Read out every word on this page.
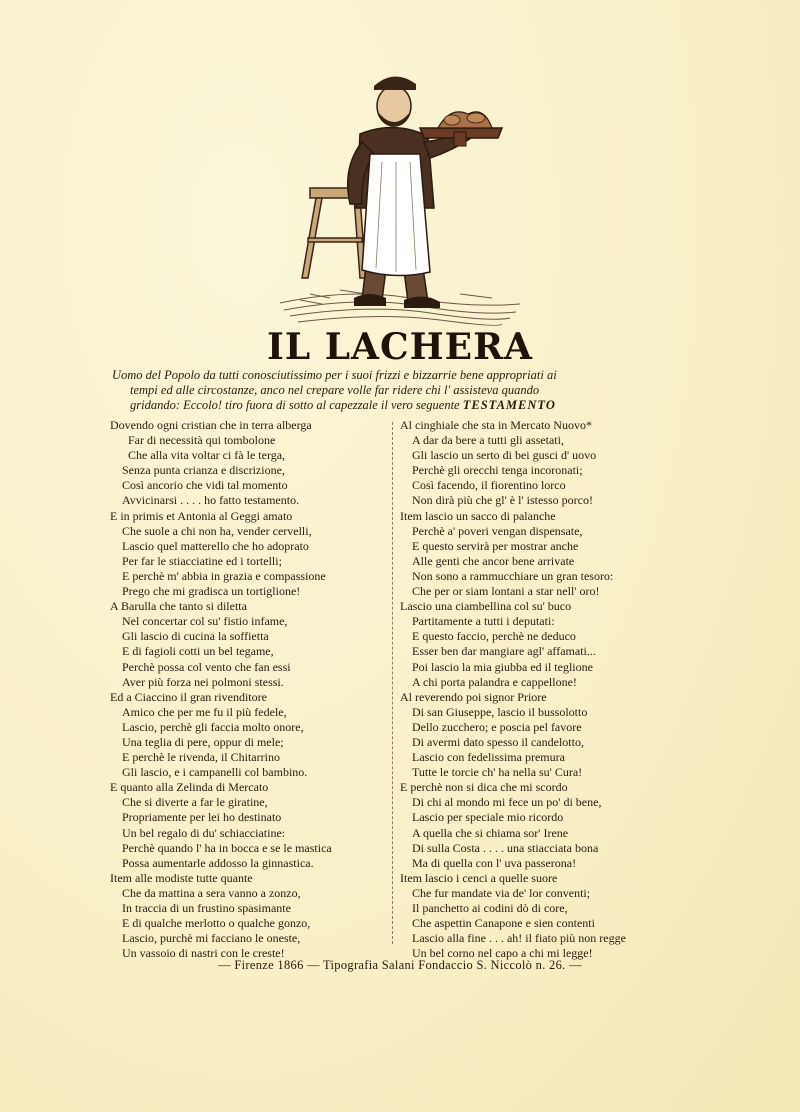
IL LACHERA
Uomo del Popolo da tutti conosciutissimo per i suoi frizzi e bizzarrie bene appropriati ai
tempi ed alle circostanze, anco nel crepare volle far ridere chi l' assisteva quando
gridando: Eccolo! tiro fuora di sotto al capezzale il vero seguente TESTAMENTO
Dovendo ogni cristian che in terra alberga
Far di necessità qui tombolone
Che alla vita voltar ci fà le terga,
Senza punta crianza e discrizione,
Così ancorio che vidi tal momento
Avvicinarsi . . . . ho fatto testamento.
E in primis et Antonia al Geggi amato
Che suole a chi non ha, vender cervelli,
Lascio quel matterello che ho adoprato
Per far le stiacciatine ed i tortelli;
E perchè m' abbia in grazia e compassione
Prego che mi gradisca un tortiglione!
A Barulla che tanto si diletta
Nel concertar col su' fistio infame,
Gli lascio di cucina la soffietta
E di fagioli cotti un bel tegame,
Perchè possa col vento che fan essi
Aver più forza nei polmoni stessi.
Ed a Ciaccino il gran rivenditore
Amico che per me fu il più fedele,
Lascio, perchè gli faccia molto onore,
Una teglia di pere, oppur di mele;
E perchè le rivenda, il Chitarrino
Gli lascio, e i campanelli col bambino.
E quanto alla Zelinda di Mercato
Che si diverte a far le giratine,
Propriamente per lei ho destinato
Un bel regalo di du' schiacciatine:
Perchè quando l' ha in bocca e se le mastica
Possa aumentarle addosso la ginnastica.
Item alle modiste tutte quante
Che da mattina a sera vanno a zonzo,
In traccia di un frustino spasimante
E di qualche merlotto o qualche gonzo,
Lascio, purchè mi facciano le oneste,
Un vassoio di nastri con le creste!
Al cinghiale che sta in Mercato Nuovo*
A dar da bere a tutti gli assetati,
Gli lascio un serto di bei gusci d' uovo
Perchè gli orecchi tenga incoronati;
Così facendo, il fiorentino lorco
Non dirà più che gl' è l' istesso porco!
Item lascio un sacco di palanche
Perchè a' poveri vengan dispensate,
E questo servirà per mostrar anche
Alle genti che ancor bene arrivate
Non sono a rammucchiare un gran tesoro:
Che per or siam lontani a star nell' oro!
Lascio una ciambellina col su' buco
Partitamente a tutti i deputati:
E questo faccio, perchè ne deduco
Esser ben dar mangiare agl' affamati...
Poi lascio la mia giubba ed il teglione
A chi porta palandra e cappellone!
Al reverendo poi signor Priore
Di san Giuseppe, lascio il bussolotto
Dello zucchero; e poscia pel favore
Di avermi dato spesso il candelotto,
Lascio con fedelissima premura
Tutte le torcie ch' ha nella su' Cura!
E perchè non si dica che mi scordo
Di chi al mondo mi fece un po' di bene,
Lascio per speciale mio ricordo
A quella che si chiama sor' Irene
Di sulla Costa . . . . una stiacciata bona
Ma di quella con l' uva passerona!
Item lascio i cenci a quelle suore
Che fur mandate via de' lor conventi;
Il panchetto ai codini dò di core,
Che aspettin Canapone e sien contenti
Lascio alla fine . . . ah! il fiato più non regge
Un bel corno nel capo a chi mi legge!
— Firenze 1866 — Tipografia Salani Fondaccio S. Niccolò n. 26. —
